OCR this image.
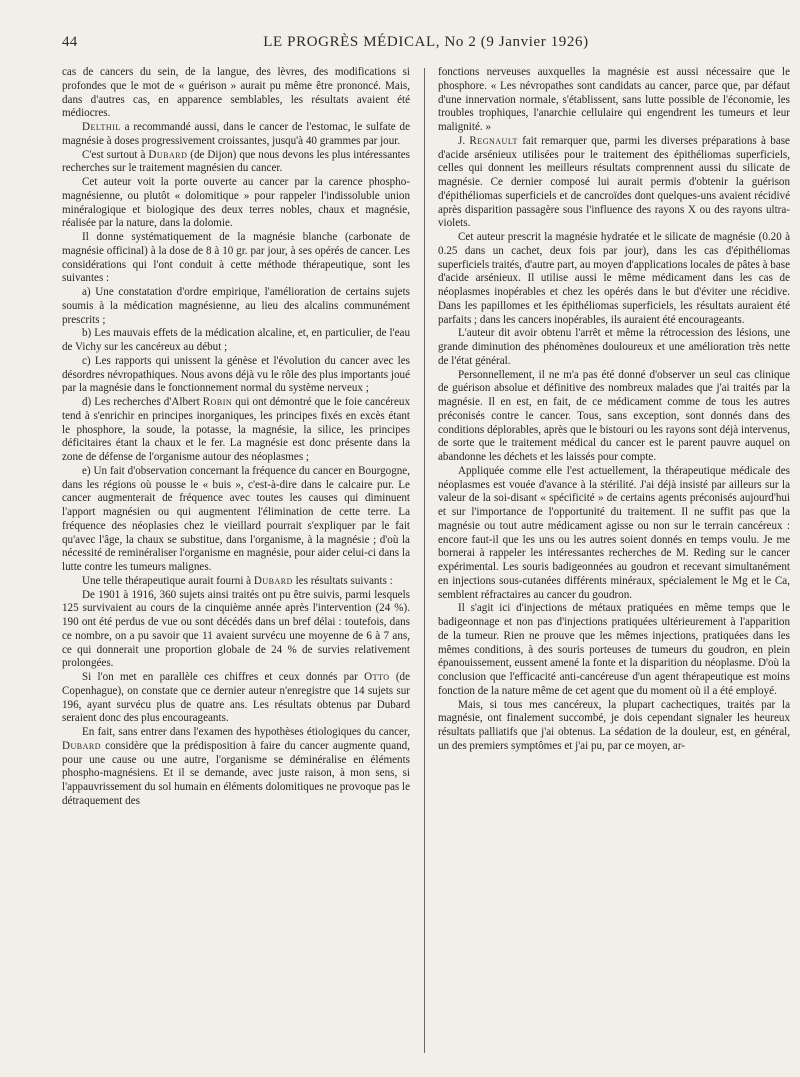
44	LE PROGRÈS MÉDICAL, No 2 (9 Janvier 1926)

cas de cancers du sein, de la langue, des lèvres, des modifications si profondes que le mot de « guérison » aurait pu même être prononcé. Mais, dans d'autres cas, en apparence semblables, les résultats avaient été médiocres.

Delthil a recommandé aussi, dans le cancer de l'estomac, le sulfate de magnésie à doses progressivement croissantes, jusqu'à 40 grammes par jour.

C'est surtout à Dubard (de Dijon) que nous devons les plus intéressantes recherches sur le traitement magnésien du cancer.

Cet auteur voit la porte ouverte au cancer par la carence phospho-magnésienne, ou plutôt « dolomitique » pour rappeler l'indissoluble union minéralogique et biologique des deux terres nobles, chaux et magnésie, réalisée par la nature, dans la dolomie.

Il donne systématiquement de la magnésie blanche (carbonate de magnésie officinal) à la dose de 8 à 10 gr. par jour, à ses opérés de cancer. Les considérations qui l'ont conduit à cette méthode thérapeutique, sont les suivantes :

a) Une constatation d'ordre empirique, l'amélioration de certains sujets soumis à la médication magnésienne, au lieu des alcalins communément prescrits ;

b) Les mauvais effets de la médication alcaline, et, en particulier, de l'eau de Vichy sur les cancéreux au début ;

c) Les rapports qui unissent la génèse et l'évolution du cancer avec les désordres névropathiques. Nous avons déjà vu le rôle des plus importants joué par la magnésie dans le fonctionnement normal du système nerveux ;

d) Les recherches d'Albert Robin qui ont démontré que le foie cancéreux tend à s'enrichir en principes inorganiques, les principes fixés en excès étant le phosphore, la soude, la potasse, la magnésie, la silice, les principes déficitaires étant la chaux et le fer. La magnésie est donc présente dans la zone de défense de l'organisme autour des néoplasmes ;

e) Un fait d'observation concernant la fréquence du cancer en Bourgogne, dans les régions où pousse le « buis », c'est-à-dire dans le calcaire pur. Le cancer augmenterait de fréquence avec toutes les causes qui diminuent l'apport magnésien ou qui augmentent l'élimination de cette terre. La fréquence des néoplasies chez le vieillard pourrait s'expliquer par le fait qu'avec l'âge, la chaux se substitue, dans l'organisme, à la magnésie ; d'où la nécessité de reminéraliser l'organisme en magnésie, pour aider celui-ci dans la lutte contre les tumeurs malignes.

Une telle thérapeutique aurait fourni à Dubard les résultats suivants :

De 1901 à 1916, 360 sujets ainsi traités ont pu être suivis, parmi lesquels 125 survivaient au cours de la cinquième année après l'intervention (24 %). 190 ont été perdus de vue ou sont décédés dans un bref délai : toutefois, dans ce nombre, on a pu savoir que 11 avaient survécu une moyenne de 6 à 7 ans, ce qui donnerait une proportion globale de 24 % de survies relativement prolongées.

Si l'on met en parallèle ces chiffres et ceux donnés par Otto (de Copenhague), on constate que ce dernier auteur n'enregistre que 14 sujets sur 196, ayant survécu plus de quatre ans. Les résultats obtenus par Dubard seraient donc des plus encourageants.

En fait, sans entrer dans l'examen des hypothèses étiologiques du cancer, Dubard considère que la prédisposition à faire du cancer augmente quand, pour une cause ou une autre, l'organisme se déminéralise en éléments phospho-magnésiens. Et il se demande, avec juste raison, à mon sens, si l'appauvrissement du sol humain en éléments dolomitiques ne provoque pas le détraquement des

fonctions nerveuses auxquelles la magnésie est aussi nécessaire que le phosphore. « Les névropathes sont candidats au cancer, parce que, par défaut d'une innervation normale, s'établissent, sans lutte possible de l'économie, les troubles trophiques, l'anarchie cellulaire qui engendrent les tumeurs et leur malignité. »

J. Regnault fait remarquer que, parmi les diverses préparations à base d'acide arsénieux utilisées pour le traitement des épithéliomas superficiels, celles qui donnent les meilleurs résultats comprennent aussi du silicate de magnésie. Ce dernier composé lui aurait permis d'obtenir la guérison d'épithéliomas superficiels et de cancroïdes dont quelques-uns avaient récidivé après disparition passagère sous l'influence des rayons X ou des rayons ultra-violets.

Cet auteur prescrit la magnésie hydratée et le silicate de magnésie (0.20 à 0.25 dans un cachet, deux fois par jour), dans les cas d'épithéliomas superficiels traités, d'autre part, au moyen d'applications locales de pâtes à base d'acide arsénieux. Il utilise aussi le même médicament dans les cas de néoplasmes inopérables et chez les opérés dans le but d'éviter une récidive. Dans les papillomes et les épithéliomas superficiels, les résultats auraient été parfaits ; dans les cancers inopérables, ils auraient été encourageants.

L'auteur dit avoir obtenu l'arrêt et même la rétrocession des lésions, une grande diminution des phénomènes douloureux et une amélioration très nette de l'état général.

Personnellement, il ne m'a pas été donné d'observer un seul cas clinique de guérison absolue et définitive des nombreux malades que j'ai traités par la magnésie. Il en est, en fait, de ce médicament comme de tous les autres préconisés contre le cancer. Tous, sans exception, sont donnés dans des conditions déplorables, après que le bistouri ou les rayons sont déjà intervenus, de sorte que le traitement médical du cancer est le parent pauvre auquel on abandonne les déchets et les laissés pour compte.

Appliquée comme elle l'est actuellement, la thérapeutique médicale des néoplasmes est vouée d'avance à la stérilité. J'ai déjà insisté par ailleurs sur la valeur de la soi-disant « spécificité » de certains agents préconisés aujourd'hui et sur l'importance de l'opportunité du traitement. Il ne suffit pas que la magnésie ou tout autre médicament agisse ou non sur le terrain cancéreux : encore faut-il que les uns ou les autres soient donnés en temps voulu. Je me bornerai à rappeler les intéressantes recherches de M. Reding sur le cancer expérimental. Les souris badigeonnées au goudron et recevant simultanément en injections sous-cutanées différents minéraux, spécialement le Mg et le Ca, semblent réfractaires au cancer du goudron.

Il s'agit ici d'injections de métaux pratiquées en même temps que le badigeonnage et non pas d'injections pratiquées ultérieurement à l'apparition de la tumeur. Rien ne prouve que les mêmes injections, pratiquées dans les mêmes conditions, à des souris porteuses de tumeurs du goudron, en plein épanouissement, eussent amené la fonte et la disparition du néoplasme. D'où la conclusion que l'efficacité anti-cancéreuse d'un agent thérapeutique est moins fonction de la nature même de cet agent que du moment où il a été employé.

Mais, si tous mes cancéreux, la plupart cachectiques, traités par la magnésie, ont finalement succombé, je dois cependant signaler les heureux résultats palliatifs que j'ai obtenus. La sédation de la douleur, est, en général, un des premiers symptômes et j'ai pu, par ce moyen, ar-
